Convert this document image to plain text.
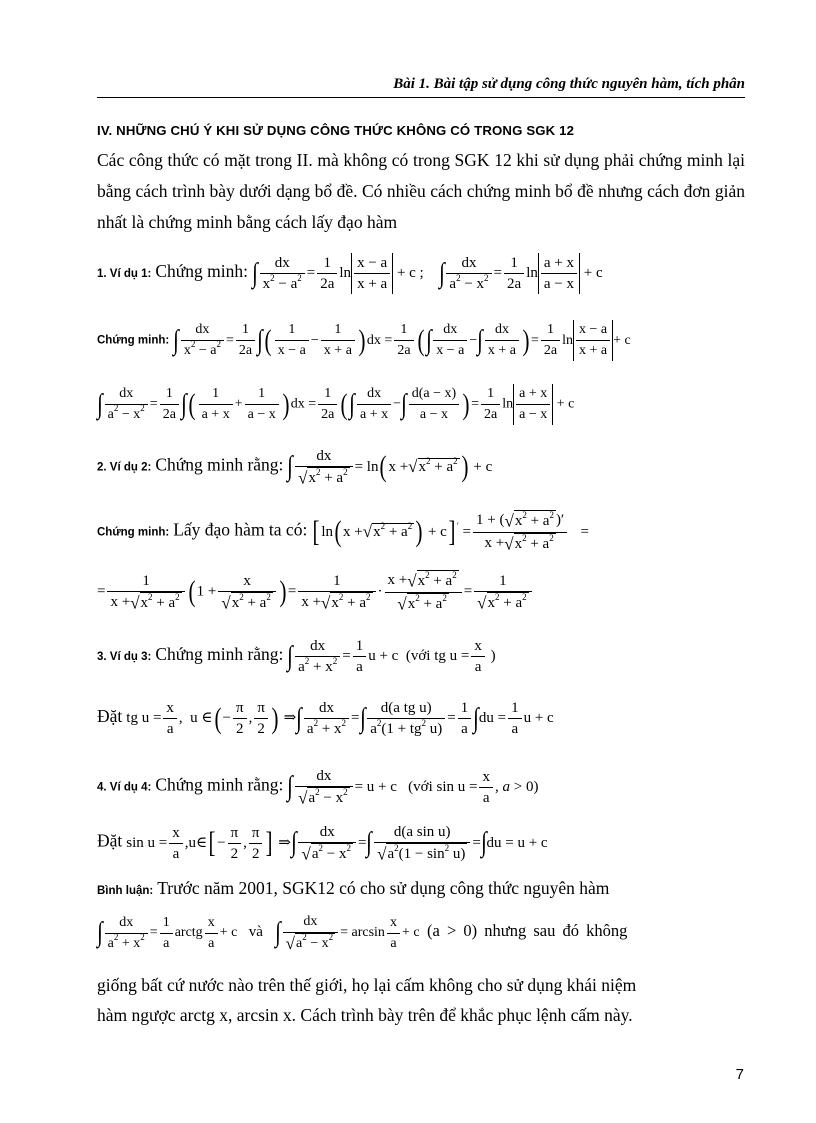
Bài 1. Bài tập sử dụng công thức nguyên hàm, tích phân
IV. NHỮNG CHÚ Ý KHI SỬ DỤNG CÔNG THỨC KHÔNG CÓ TRONG SGK 12
Các công thức có mặt trong II. mà không có trong SGK 12 khi sử dụng phải chứng minh lại bằng cách trình bày dưới dạng bổ đề. Có nhiều cách chứng minh bổ đề nhưng cách đơn giản nhất là chứng minh bằng cách lấy đạo hàm
1. Ví dụ 1: Chứng minh: ∫ $\frac{dx}{x^2 - a^2} = \frac{1}{2a}$ $\ln \frac{x - a}{x + a} + c$ ;    ∫ $\frac{dx}{a^2 - x^2} = \frac{1}{2a}$ $\ln \frac{a + x}{a - x} + c$
Chứng minh: ∫ $\frac{dx}{x^2 - a^2} = \frac{1}{2a}$ ∫( $\frac{1}{x - a} - \frac{1}{x + a}$ ) dx = $\frac{1}{2a}$ (∫ $\frac{dx}{x - a}$ −∫ $\frac{dx}{x + a}$ ) = $\frac{1}{2a}$ $\ln \frac{x - a}{x + a} + c$
∫ $\frac{dx}{a^2 - x^2} = \frac{1}{2a}$ ∫( $\frac{1}{a + x} + \frac{1}{a - x}$ ) dx = $\frac{1}{2a}$ (∫ $\frac{dx}{a + x}$ −∫ $\frac{d(a - x)}{a - x}$ ) = $\frac{1}{2a}$ $\ln \frac{a + x}{a - x} + c$
2. Ví dụ 2: Chứng minh rằng: ∫ $\frac{dx}{√x^2 + a^2} = \ln$( $x +√x^2 + a^2$ ) + c
Chứng minh: Lấy đạo hàm ta có: [ ln( $x +√x^2 + a^2$ ) + c] $' = \frac{1 + (√x^2 + a^2 )'}{x +√x^2 + a^2}$ =
= $\frac{1}{x +√x^2 + a^2}$ ( $1 + \frac{x}{√x^2 + a^2}$ ) = $\frac{1}{x +√x^2 + a^2} \cdot \frac{x +√x^2 + a^2}{√x^2 + a^2} = \frac{1}{√x^2 + a^2}$
3. Ví dụ 3: Chứng minh rằng: ∫ $\frac{dx}{a^2 + x^2} = \frac{1}{a}$ u + c  (với tg $u = \frac{x}{a}$ )
Đặt tg $u = \frac{x}{a}$ ,  u ∈( − $\frac{\pi}{2}$ , $\frac{\pi}{2}$ ) ⇒∫ $\frac{dx}{a^2 + x^2}$ =∫ $\frac{\text{d(a tg u)}}{a^2(1 + tg^2 u)} = \frac{1}{a} \int du = \frac{1}{a}$ u + c
4. Ví dụ 4: Chứng minh rằng: ∫ $\frac{dx}{√a^2 - x^2} = u + c$   (với $\sin u = \frac{x}{a}$ , a > 0)
Đặt $\sin u = \frac{x}{a}$ ,u∈[ − $\frac{\pi}{2}$ , $\frac{\pi}{2}$ ] ⇒∫ $\frac{dx}{√a^2 - x^2}$ =∫ $\frac{\text{d(a sin u)}}{√a^2(1 - \sin^2 u)} =\int du = u + c$
Bình luận: Trước năm 2001, SGK12 có cho sử dụng công thức nguyên hàm
∫ $\frac{dx}{a^2 + x^2} = \frac{1}{a}$ arctg $\frac{x}{a} + c$ và ∫ $\frac{dx}{√a^2 - x^2} = \arcsin \frac{x}{a} + c$ (a > 0) nhưng sau đó không
giống bất cứ nước nào trên thế giới, họ lại cấm không cho sử dụng khái niệm
hàm ngược arctg x, arcsin x. Cách trình bày trên để khắc phục lệnh cấm này.
7
